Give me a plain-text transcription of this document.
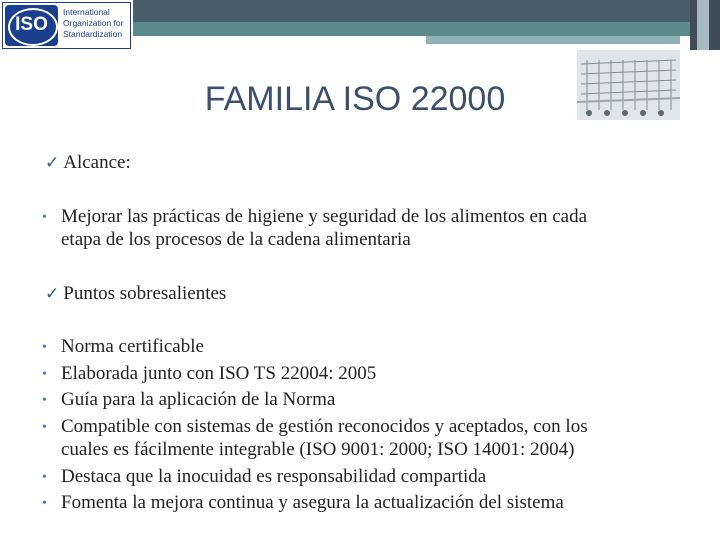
ISO
International
Organization for
Standardization
FAMILIA ISO 22000
✓ Alcance:
• Mejorar las prácticas de higiene y seguridad de los alimentos en cada
etapa de los procesos de la cadena alimentaria
✓ Puntos sobresalientes
• Norma certificable
• Elaborada junto con ISO TS 22004: 2005
• Guía para la aplicación de la Norma
• Compatible con sistemas de gestión reconocidos y aceptados, con los
cuales es fácilmente integrable (ISO 9001: 2000; ISO 14001: 2004)
• Destaca que la inocuidad es responsabilidad compartida
• Fomenta la mejora continua y asegura la actualización del sistema
